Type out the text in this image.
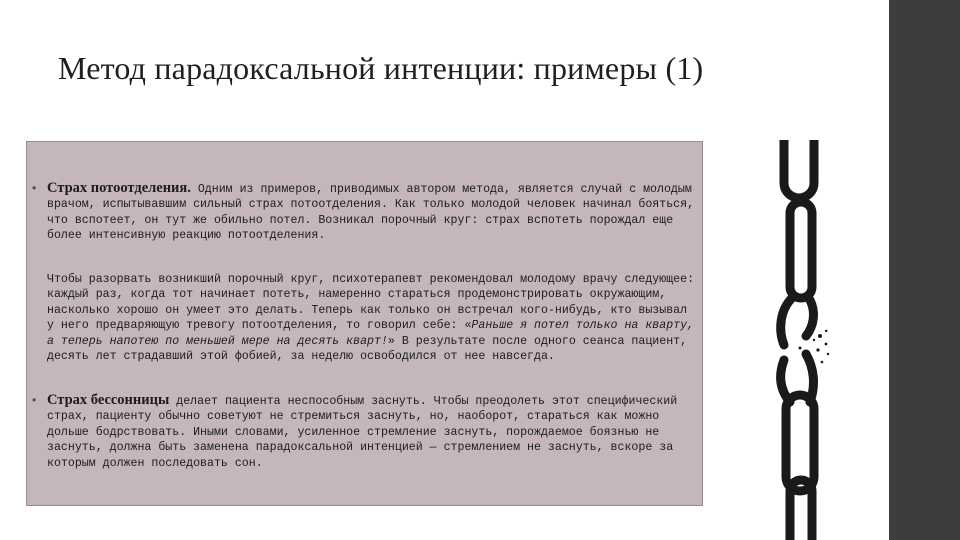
Метод парадоксальной интенции: примеры (1)
• Страх потоотделения. Одним из примеров, приводимых автором метода, является случай с молодым врачом, испытывавшим сильный страх потоотделения. Как только молодой человек начинал бояться, что вспотеет, он тут же обильно потел. Возникал порочный круг: страх вспотеть порождал еще более интенсивную реакцию потоотделения.

Чтобы разорвать возникший порочный круг, психотерапевт рекомендовал молодому врачу следующее: каждый раз, когда тот начинает потеть, намеренно стараться продемонстрировать окружающим, насколько хорошо он умеет это делать. Теперь как только он встречал кого-нибудь, кто вызывал у него предваряющую тревогу потоотделения, то говорил себе: «Раньше я потел только на кварту, а теперь напотею по меньшей мере на десять кварт!» В результате после одного сеанса пациент, десять лет страдавший этой фобией, за неделю освободился от нее навсегда.

• Страх бессонницы делает пациента неспособным заснуть. Чтобы преодолеть этот специфический страх, пациенту обычно советуют не стремиться заснуть, но, наоборот, стараться как можно дольше бодрствовать. Иными словами, усиленное стремление заснуть, порождаемое боязнью не заснуть, должна быть заменена парадоксальной интенцией — стремлением не заснуть, вскоре за которым должен последовать сон.
